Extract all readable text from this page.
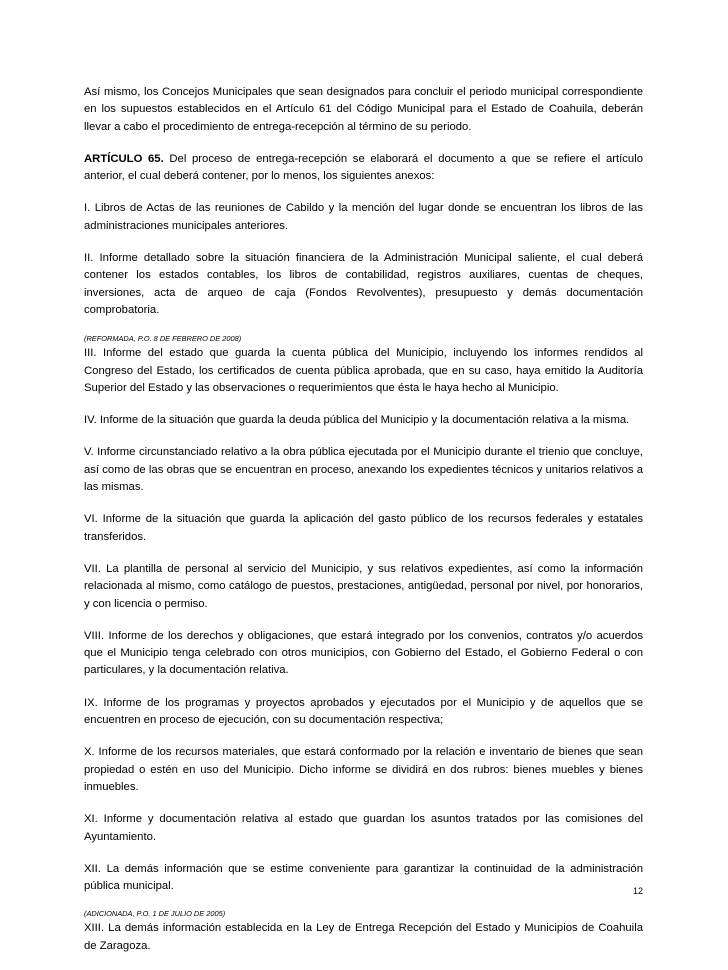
Así mismo, los Concejos Municipales que sean designados para concluir el periodo municipal correspondiente en los supuestos establecidos en el Artículo 61 del Código Municipal para el Estado de Coahuila, deberán llevar a cabo el procedimiento de entrega-recepción al término de su periodo.

ARTÍCULO 65. Del proceso de entrega-recepción se elaborará el documento a que se refiere el artículo anterior, el cual deberá contener, por lo menos, los siguientes anexos:

I. Libros de Actas de las reuniones de Cabildo y la mención del lugar donde se encuentran los libros de las administraciones municipales anteriores.

II. Informe detallado sobre la situación financiera de la Administración Municipal saliente, el cual deberá contener los estados contables, los libros de contabilidad, registros auxiliares, cuentas de cheques, inversiones, acta de arqueo de caja (Fondos Revolventes), presupuesto y demás documentación comprobatoria.

(REFORMADA, P.O. 8 DE FEBRERO DE 2008)

III. Informe del estado que guarda la cuenta pública del Municipio, incluyendo los informes rendidos al Congreso del Estado, los certificados de cuenta pública aprobada, que en su caso, haya emitido la Auditoría Superior del Estado y las observaciones o requerimientos que ésta le haya hecho al Municipio.

IV. Informe de la situación que guarda la deuda pública del Municipio y la documentación relativa a la misma.

V. Informe circunstanciado relativo a la obra pública ejecutada por el Municipio durante el trienio que concluye, así como de las obras que se encuentran en proceso, anexando los expedientes técnicos y unitarios relativos a las mismas.

VI. Informe de la situación que guarda la aplicación del gasto público de los recursos federales y estatales transferidos.

VII. La plantilla de personal al servicio del Municipio, y sus relativos expedientes, así como la información relacionada al mismo, como catálogo de puestos, prestaciones, antigüedad, personal por nivel, por honorarios, y con licencia o permiso.

VIII. Informe de los derechos y obligaciones, que estará integrado por los convenios, contratos y/o acuerdos que el Municipio tenga celebrado con otros municipios, con Gobierno del Estado, el Gobierno Federal o con particulares, y la documentación relativa.

IX. Informe de los programas y proyectos aprobados y ejecutados por el Municipio y de aquellos que se encuentren en proceso de ejecución, con su documentación respectiva;

X. Informe de los recursos materiales, que estará conformado por la relación e inventario de bienes que sean propiedad o estén en uso del Municipio. Dicho informe se dividirá en dos rubros: bienes muebles y bienes inmuebles.

XI. Informe y documentación relativa al estado que guardan los asuntos tratados por las comisiones del Ayuntamiento.

XII. La demás información que se estime conveniente para garantizar la continuidad de la administración pública municipal.

(ADICIONADA, P.O. 1 DE JULIO DE 2005)

XIII. La demás información establecida en la Ley de Entrega Recepción del Estado y Municipios de Coahuila de Zaragoza.

12
